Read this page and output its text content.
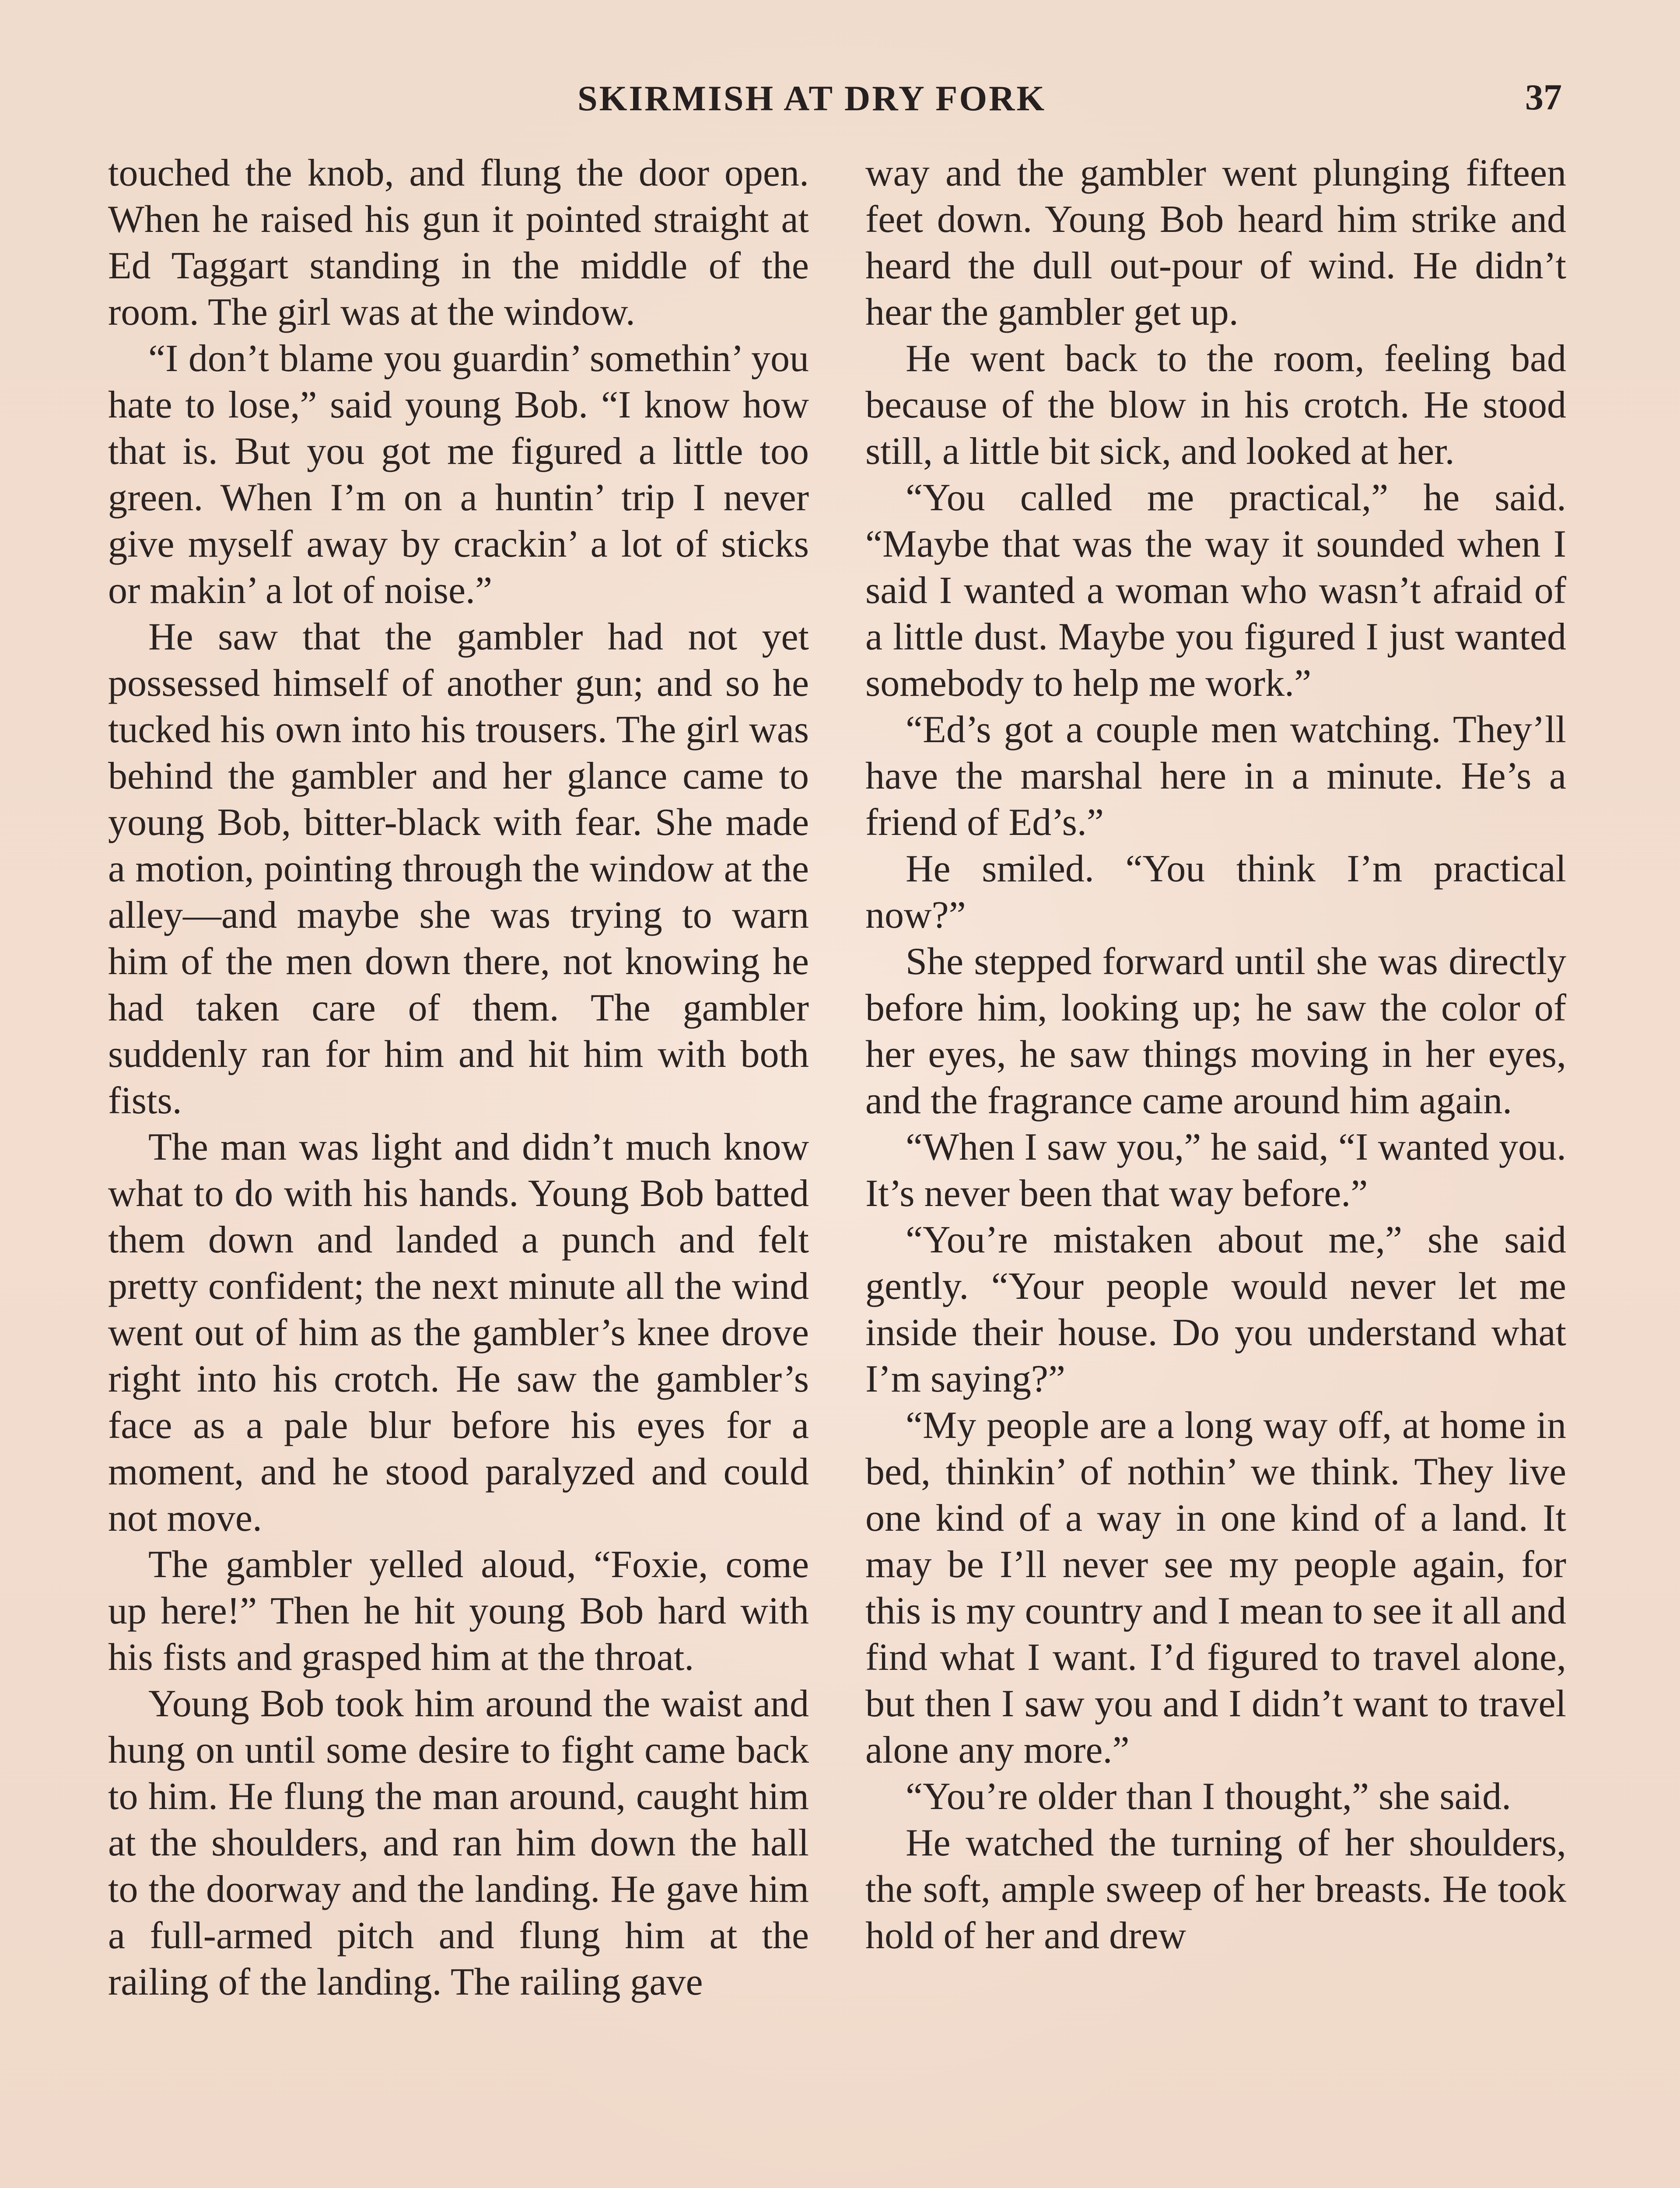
SKIRMISH AT DRY FORK	37

touched the knob, and flung the door open. When he raised his gun it pointed straight at Ed Taggart standing in the middle of the room. The girl was at the window.

“I don’t blame you guardin’ somethin’ you hate to lose,” said young Bob. “I know how that is. But you got me figured a little too green. When I’m on a huntin’ trip I never give myself away by crackin’ a lot of sticks or makin’ a lot of noise.”

He saw that the gambler had not yet possessed himself of another gun; and so he tucked his own into his trousers. The girl was behind the gambler and her glance came to young Bob, bitter-black with fear. She made a motion, pointing through the window at the alley—and maybe she was trying to warn him of the men down there, not knowing he had taken care of them. The gambler suddenly ran for him and hit him with both fists.

The man was light and didn’t much know what to do with his hands. Young Bob batted them down and landed a punch and felt pretty confident; the next minute all the wind went out of him as the gambler’s knee drove right into his crotch. He saw the gambler’s face as a pale blur before his eyes for a moment, and he stood paralyzed and could not move.

The gambler yelled aloud, “Foxie, come up here!” Then he hit young Bob hard with his fists and grasped him at the throat.

Young Bob took him around the waist and hung on until some desire to fight came back to him. He flung the man around, caught him at the shoulders, and ran him down the hall to the doorway and the landing. He gave him a full-armed pitch and flung him at the railing of the landing. The railing gave

way and the gambler went plunging fifteen feet down. Young Bob heard him strike and heard the dull out-pour of wind. He didn’t hear the gambler get up.

He went back to the room, feeling bad because of the blow in his crotch. He stood still, a little bit sick, and looked at her.

“You called me practical,” he said. “Maybe that was the way it sounded when I said I wanted a woman who wasn’t afraid of a little dust. Maybe you figured I just wanted somebody to help me work.”

“Ed’s got a couple men watching. They’ll have the marshal here in a minute. He’s a friend of Ed’s.”

He smiled. “You think I’m practical now?”

She stepped forward until she was directly before him, looking up; he saw the color of her eyes, he saw things moving in her eyes, and the fragrance came around him again.

“When I saw you,” he said, “I wanted you. It’s never been that way before.”

“You’re mistaken about me,” she said gently. “Your people would never let me inside their house. Do you understand what I’m saying?”

“My people are a long way off, at home in bed, thinkin’ of nothin’ we think. They live one kind of a way in one kind of a land. It may be I’ll never see my people again, for this is my country and I mean to see it all and find what I want. I’d figured to travel alone, but then I saw you and I didn’t want to travel alone any more.”

“You’re older than I thought,” she said.

He watched the turning of her shoulders, the soft, ample sweep of her breasts. He took hold of her and drew
